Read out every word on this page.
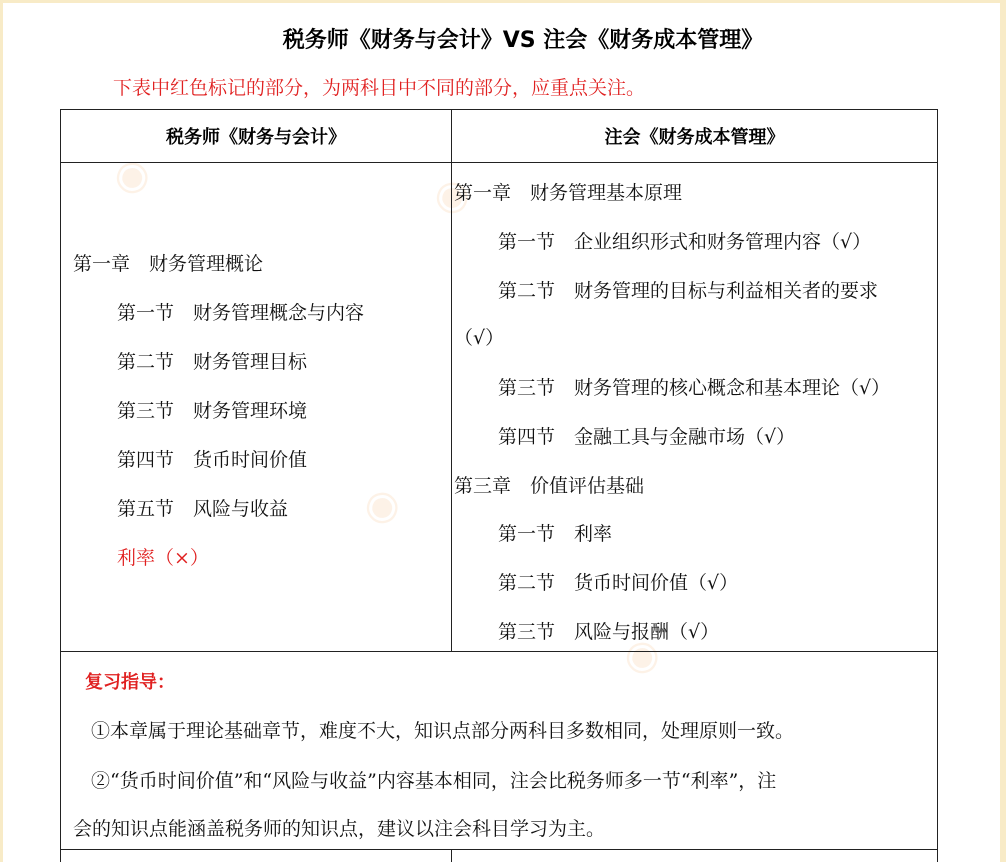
◉	◉
◉
◉
税务师《财务与会计》VS 注会《财务成本管理》
下表中红色标记的部分，为两科目中不同的部分，应重点关注。
税务师《财务与会计》	注会《财务成本管理》
第一章　财务管理概论
第一节　财务管理概念与内容
第二节　财务管理目标
第三节　财务管理环境
第四节　货币时间价值
第五节　风险与收益
利率（×）
第一章　财务管理基本原理
第一节　企业组织形式和财务管理内容（√）
第二节　财务管理的目标与利益相关者的要求
（√）
第三节　财务管理的核心概念和基本理论（√）
第四节　金融工具与金融市场（√）
第三章　价值评估基础
第一节　利率
第二节　货币时间价值（√）
第三节　风险与报酬（√）
复习指导：
①本章属于理论基础章节，难度不大，知识点部分两科目多数相同，处理原则一致。
②“货币时间价值”和“风险与收益”内容基本相同，注会比税务师多一节“利率”，注
会的知识点能涵盖税务师的知识点，建议以注会科目学习为主。
